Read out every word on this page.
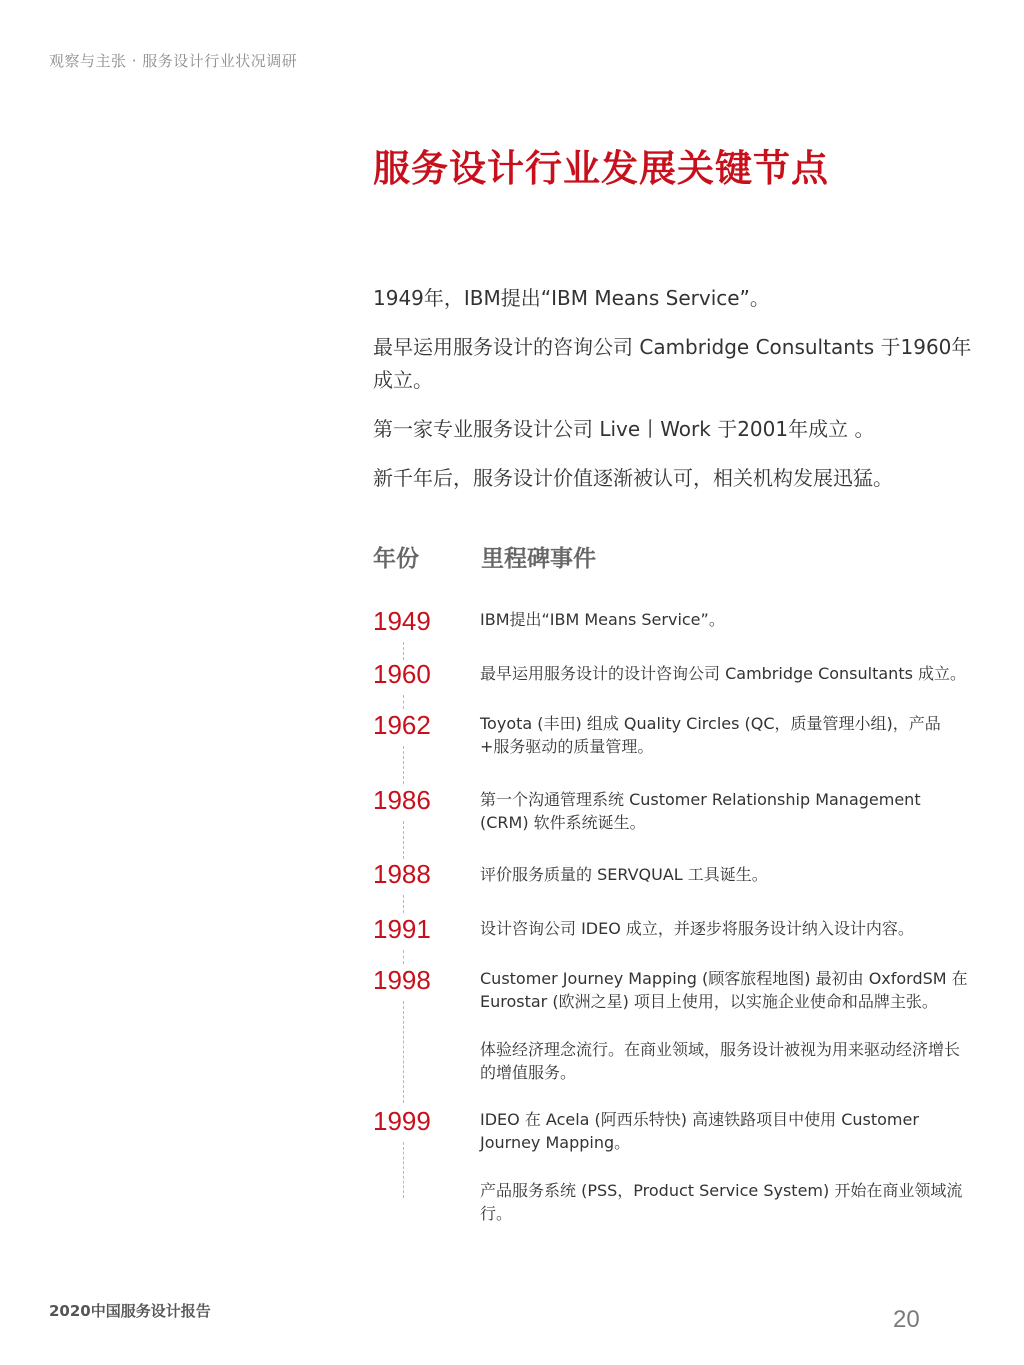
观察与主张 · 服务设计行业状况调研
服务设计行业发展关键节点

1949年，IBM提出“IBM Means Service”。

最早运用服务设计的咨询公司 Cambridge Consultants 于1960年成立。

第一家专业服务设计公司 Live丨Work 于2001年成立 。

新千年后，服务设计价值逐渐被认可，相关机构发展迅猛。

年份	里程碑事件
1949	IBM提出“IBM Means Service”。
1960	最早运用服务设计的设计咨询公司 Cambridge Consultants 成立。
1962	Toyota (丰田) 组成 Quality Circles (QC，质量管理小组)，产品+服务驱动的质量管理。
1986	第一个沟通管理系统 Customer Relationship Management (CRM) 软件系统诞生。
1988	评价服务质量的 SERVQUAL 工具诞生。
1991	设计咨询公司 IDEO 成立，并逐步将服务设计纳入设计内容。
1998	Customer Journey Mapping (顾客旅程地图) 最初由 OxfordSM 在 Eurostar (欧洲之星) 项目上使用，以实施企业使命和品牌主张。
体验经济理念流行。在商业领域，服务设计被视为用来驱动经济增长的增值服务。
1999	IDEO 在 Acela (阿西乐特快) 高速铁路项目中使用 Customer Journey Mapping。
产品服务系统 (PSS，Product Service System) 开始在商业领域流行。
2020中国服务设计报告	20
